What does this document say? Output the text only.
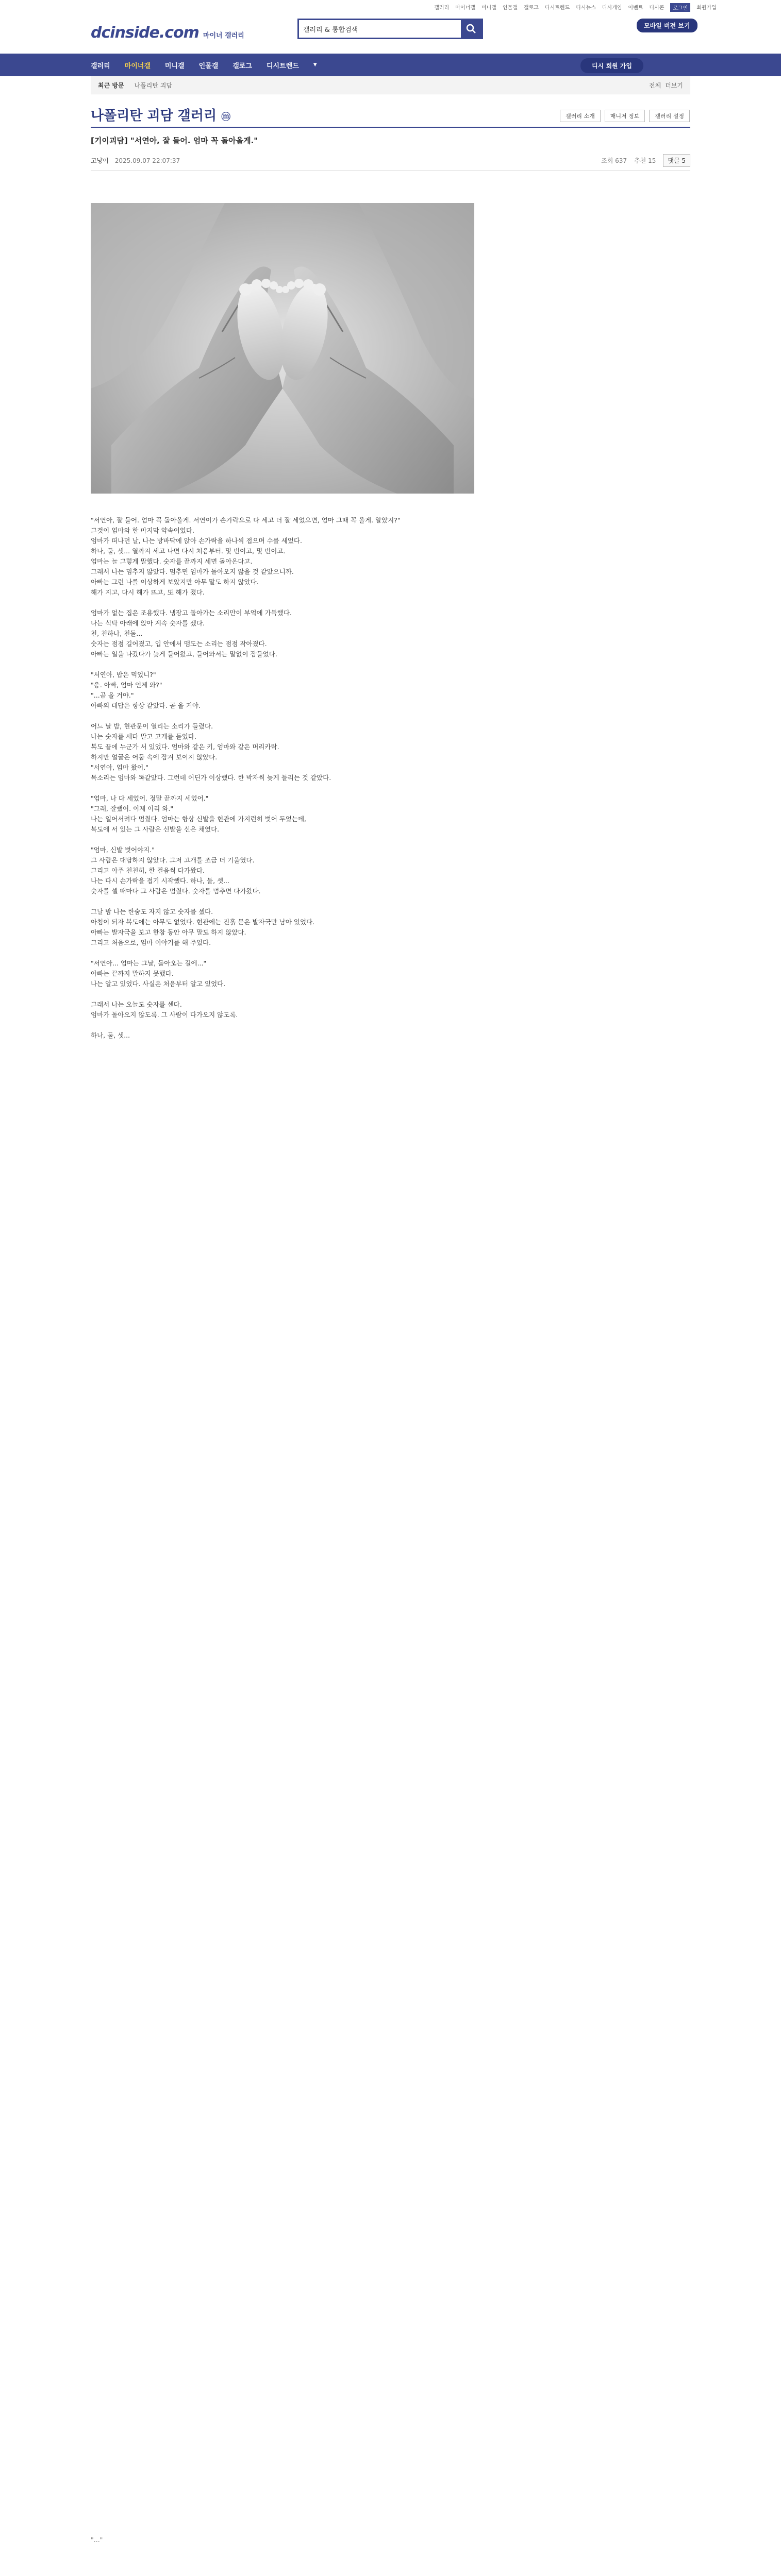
갤러리 마이너갤 미니갤 인물갤 갤로그 디시트렌드 디시뉴스 디시게임 이벤트 디시콘	로그인	회원가입
dcinside.com 마이너 갤러리
갤러리 & 통합검색
모바일 버전 보기
갤러리 마이너갤 미니갤 인물갤 갤로그 디시트렌드	▼	디시 회원 가입
최근 방문	나폴리탄 괴담	전체 더보기
나폴리탄 괴담 갤러리 ⓜ	갤러리 소개	매니저 정보	갤러리 설정
[기이괴담] "서연아, 잘 들어. 엄마 꼭 돌아올게."
고냥이 2025.09.07 22:07:37	조회 637 추천 15	댓글 5

"서연아, 잘 들어. 엄마 꼭 돌아올게. 서연이가 손가락으로 다 세고 더 잘 세었으면, 엄마 그때 꼭 올게. 알았지?"

그것이 엄마와 한 마지막 약속이었다.

엄마가 떠나던 날, 나는 방바닥에 앉아 손가락을 하나씩 접으며 수를 세었다.

하나, 둘, 셋... 열까지 세고 나면 다시 처음부터. 몇 번이고, 몇 번이고.

엄마는 늘 그렇게 말했다. 숫자를 끝까지 세면 돌아온다고.

그래서 나는 멈추지 않았다. 멈추면 엄마가 돌아오지 않을 것 같았으니까.

아빠는 그런 나를 이상하게 보았지만 아무 말도 하지 않았다.

해가 지고, 다시 해가 뜨고, 또 해가 졌다.

엄마가 없는 집은 조용했다. 냉장고 돌아가는 소리만이 부엌에 가득했다.

나는 식탁 아래에 앉아 계속 숫자를 셌다.

천, 천하나, 천둘...

숫자는 점점 길어졌고, 입 안에서 맴도는 소리는 점점 작아졌다.

아빠는 일을 나갔다가 늦게 들어왔고, 들어와서는 말없이 잠들었다.

"서연아, 밥은 먹었니?"

"응. 아빠, 엄마 언제 와?"

"...곧 올 거야."

아빠의 대답은 항상 같았다. 곧 올 거야.

어느 날 밤, 현관문이 열리는 소리가 들렸다.

나는 숫자를 세다 말고 고개를 들었다.

복도 끝에 누군가 서 있었다. 엄마와 같은 키, 엄마와 같은 머리카락.

하지만 얼굴은 어둠 속에 잠겨 보이지 않았다.

"서연아, 엄마 왔어."

목소리는 엄마와 똑같았다. 그런데 어딘가 이상했다. 한 박자씩 늦게 들리는 것 같았다.

"엄마, 나 다 세었어. 정말 끝까지 세었어."

"그래, 잘했어. 이제 이리 와."

나는 일어서려다 멈췄다. 엄마는 항상 신발을 현관에 가지런히 벗어 두었는데,

복도에 서 있는 그 사람은 신발을 신은 채였다.

"엄마, 신발 벗어야지."

그 사람은 대답하지 않았다. 그저 고개를 조금 더 기울였다.

그리고 아주 천천히, 한 걸음씩 다가왔다.

나는 다시 손가락을 접기 시작했다. 하나, 둘, 셋...

숫자를 셀 때마다 그 사람은 멈췄다. 숫자를 멈추면 다가왔다.

그날 밤 나는 한숨도 자지 않고 숫자를 셌다.

아침이 되자 복도에는 아무도 없었다. 현관에는 진흙 묻은 발자국만 남아 있었다.

아빠는 발자국을 보고 한참 동안 아무 말도 하지 않았다.

그리고 처음으로, 엄마 이야기를 해 주었다.

"서연아... 엄마는 그날, 돌아오는 길에..."

아빠는 끝까지 말하지 못했다.

나는 알고 있었다. 사실은 처음부터 알고 있었다.

그래서 나는 오늘도 숫자를 센다.

엄마가 돌아오지 않도록. 그 사람이 다가오지 않도록.

하나, 둘, 셋...

"..."
